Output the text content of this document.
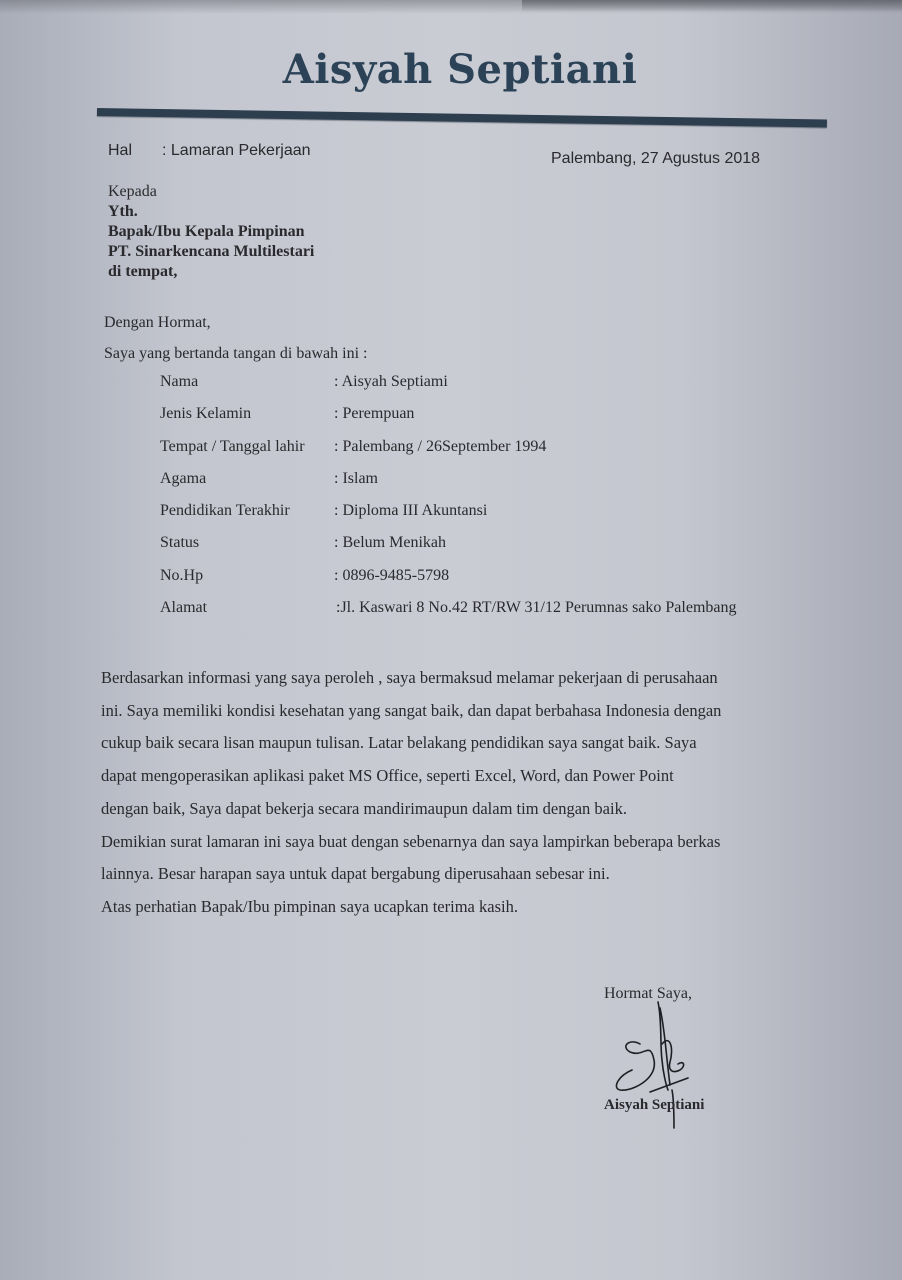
Aisyah Septiani
Hal : Lamaran Pekerjaan	Palembang, 27 Agustus 2018
Kepada
Yth.
Bapak/Ibu Kepala Pimpinan
PT. Sinarkencana Multilestari
di tempat,
Dengan Hormat,
Saya yang bertanda tangan di bawah ini :
Nama	: Aisyah Septiami
Jenis Kelamin	: Perempuan
Tempat / Tanggal lahir : Palembang / 26September 1994
Agama	: Islam
Pendidikan Terakhir	: Diploma III Akuntansi
Status	: Belum Menikah
No.Hp	: 0896-9485-5798
Alamat	:Jl. Kaswari 8 No.42 RT/RW 31/12 Perumnas sako Palembang
Berdasarkan informasi yang saya peroleh , saya bermaksud melamar pekerjaan di perusahaan
ini. Saya memiliki kondisi kesehatan yang sangat baik, dan dapat berbahasa Indonesia dengan
cukup baik secara lisan maupun tulisan. Latar belakang pendidikan saya sangat baik. Saya
dapat mengoperasikan aplikasi paket MS Office, seperti Excel, Word, dan Power Point
dengan baik, Saya dapat bekerja secara mandirimaupun dalam tim dengan baik.
Demikian surat lamaran ini saya buat dengan sebenarnya dan saya lampirkan beberapa berkas
lainnya. Besar harapan saya untuk dapat bergabung diperusahaan sebesar ini.
Atas perhatian Bapak/Ibu pimpinan saya ucapkan terima kasih.
Hormat Saya,
Aisyah Septiani
